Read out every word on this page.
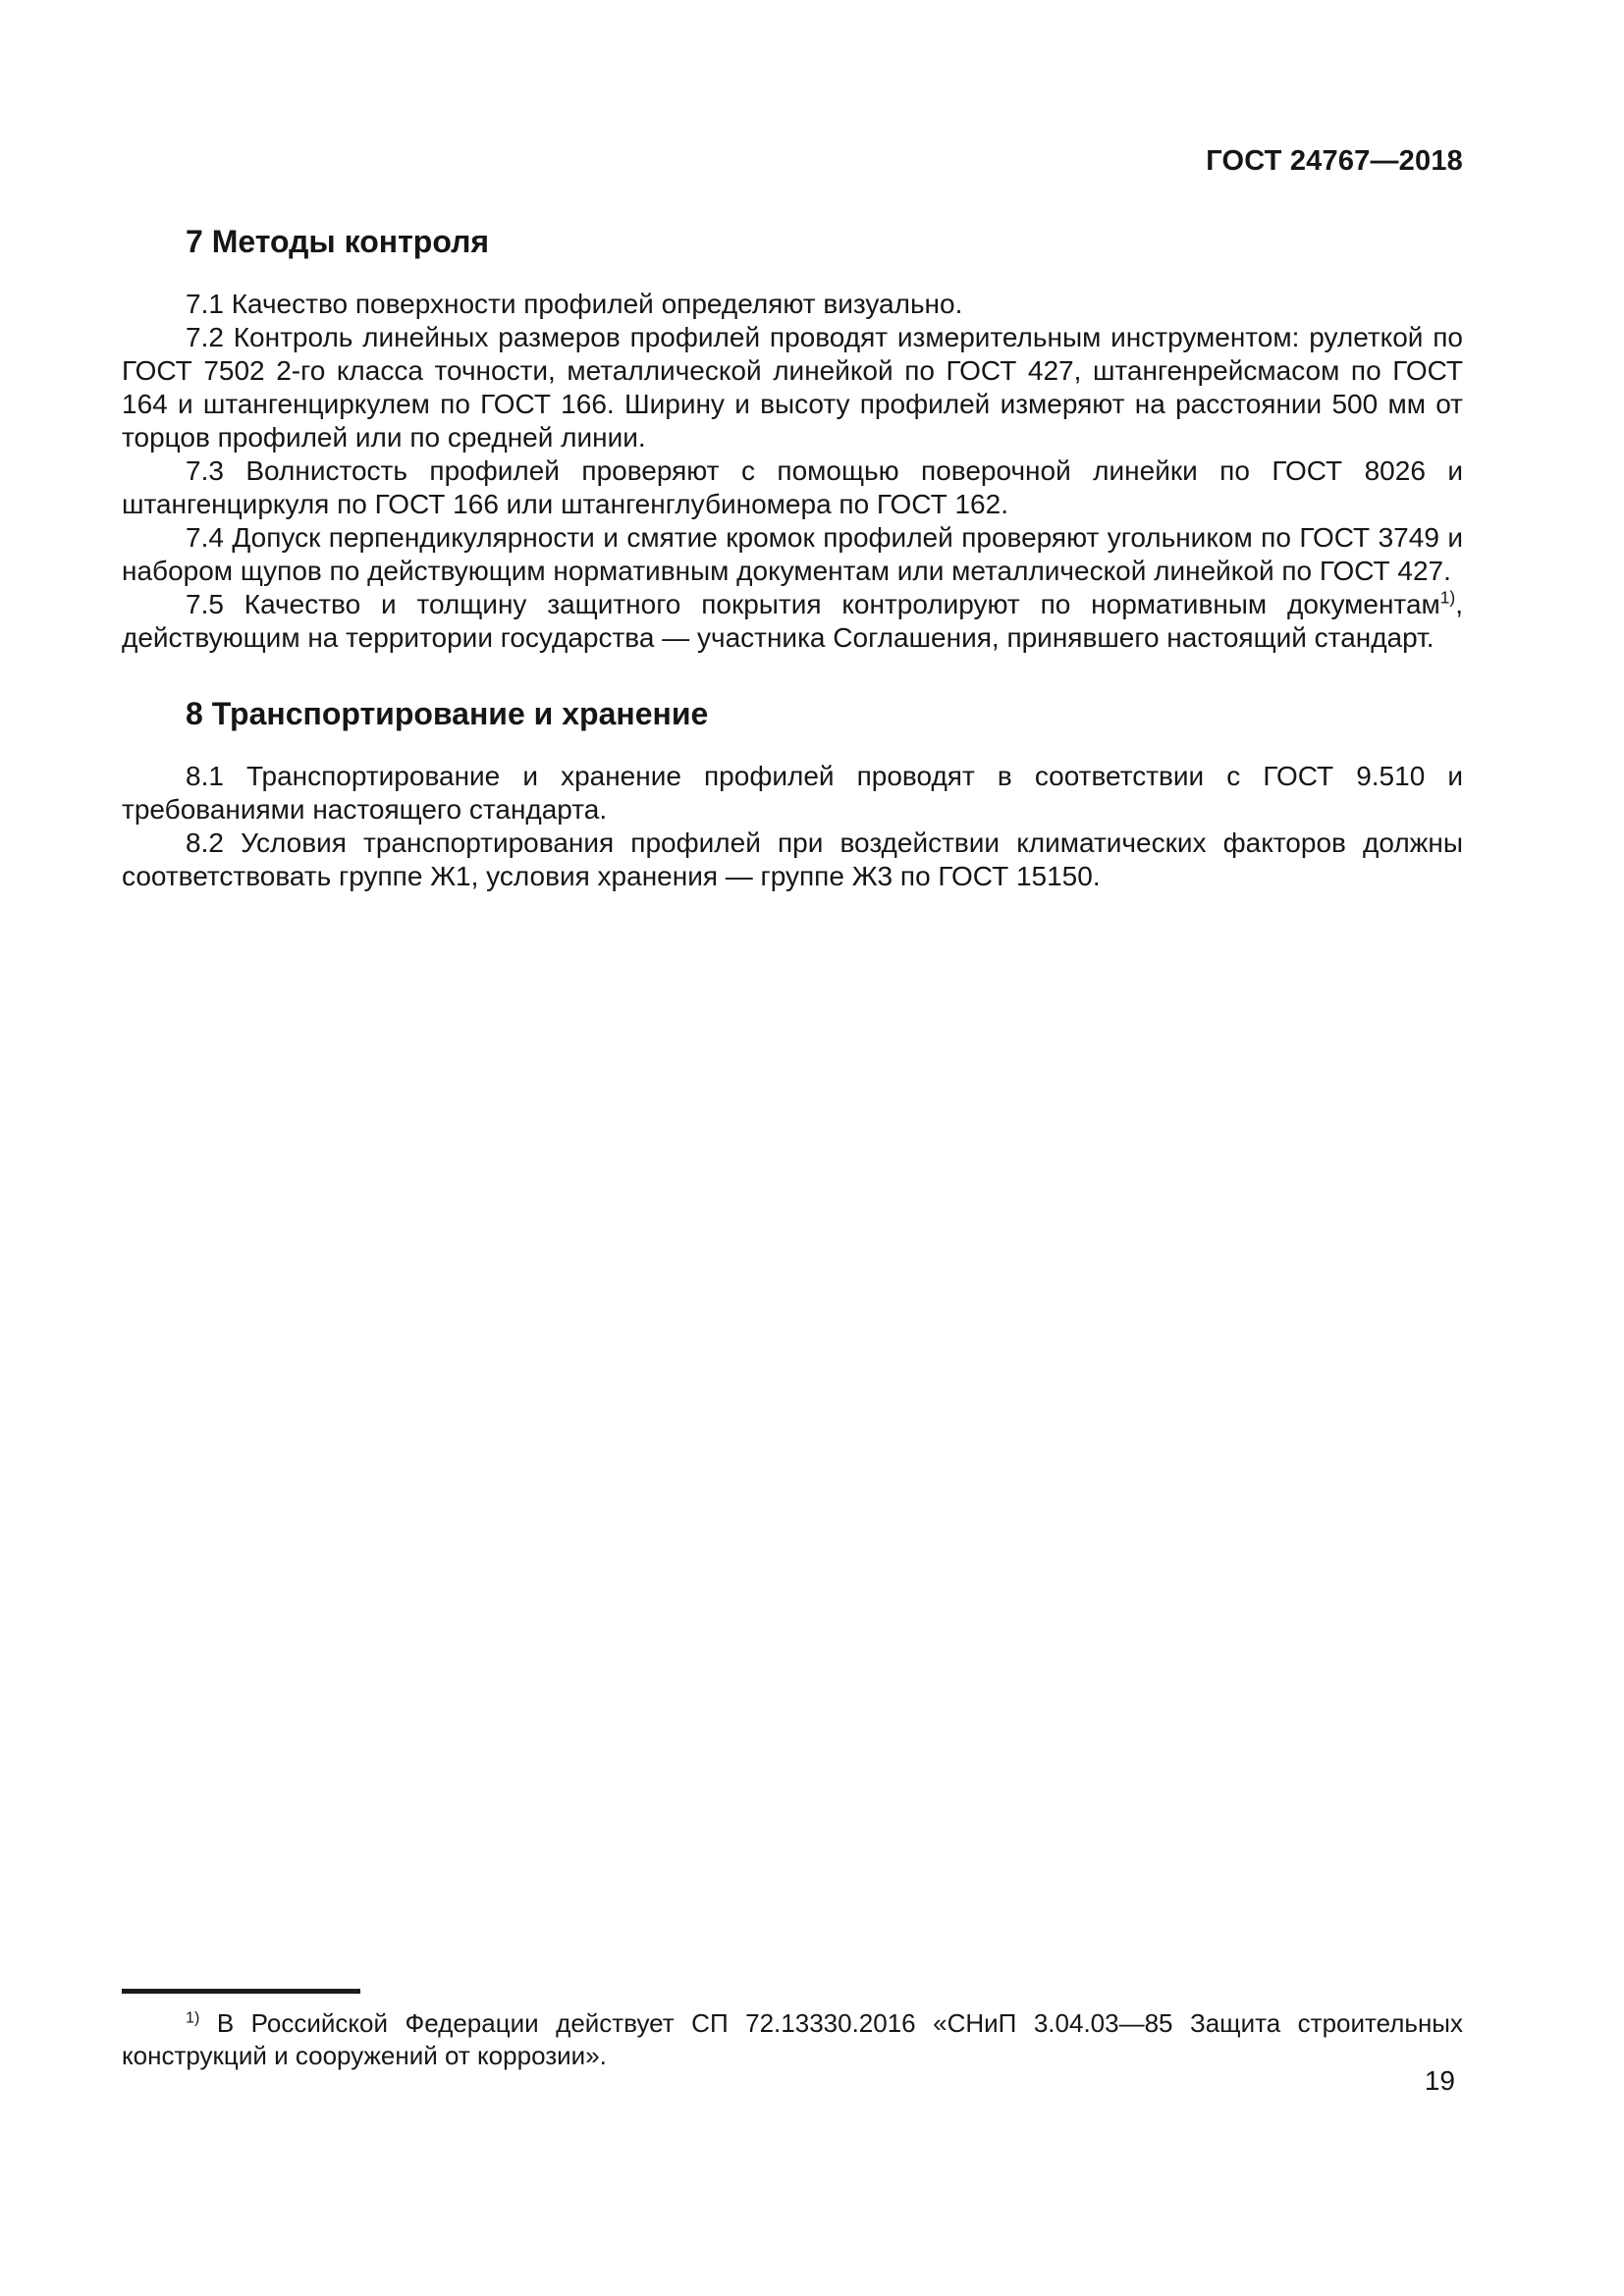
ГОСТ 24767—2018
7 Методы контроля

7.1 Качество поверхности профилей определяют визуально.

7.2 Контроль линейных размеров профилей проводят измерительным инструментом: рулеткой по ГОСТ 7502 2-го класса точности, металлической линейкой по ГОСТ 427, штангенрейсмасом по ГОСТ 164 и штангенциркулем по ГОСТ 166. Ширину и высоту профилей измеряют на расстоянии 500 мм от торцов профилей или по средней линии.

7.3 Волнистость профилей проверяют с помощью поверочной линейки по ГОСТ 8026 и штангенциркуля по ГОСТ 166 или штангенглубиномера по ГОСТ 162.

7.4 Допуск перпендикулярности и смятие кромок профилей проверяют угольником по ГОСТ 3749 и набором щупов по действующим нормативным документам или металлической линейкой по ГОСТ 427.

7.5 Качество и толщину защитного покрытия контролируют по нормативным документам$^{1)}$, действующим на территории государства — участника Соглашения, принявшего настоящий стандарт.

8 Транспортирование и хранение

8.1 Транспортирование и хранение профилей проводят в соответствии с ГОСТ 9.510 и требованиями настоящего стандарта.

8.2 Условия транспортирования профилей при воздействии климатических факторов должны соответствовать группе Ж1, условия хранения — группе Ж3 по ГОСТ 15150.

$^{1)}$ В Российской Федерации действует СП 72.13330.2016 «СНиП 3.04.03—85 Защита строительных конструкций и сооружений от коррозии».

19
